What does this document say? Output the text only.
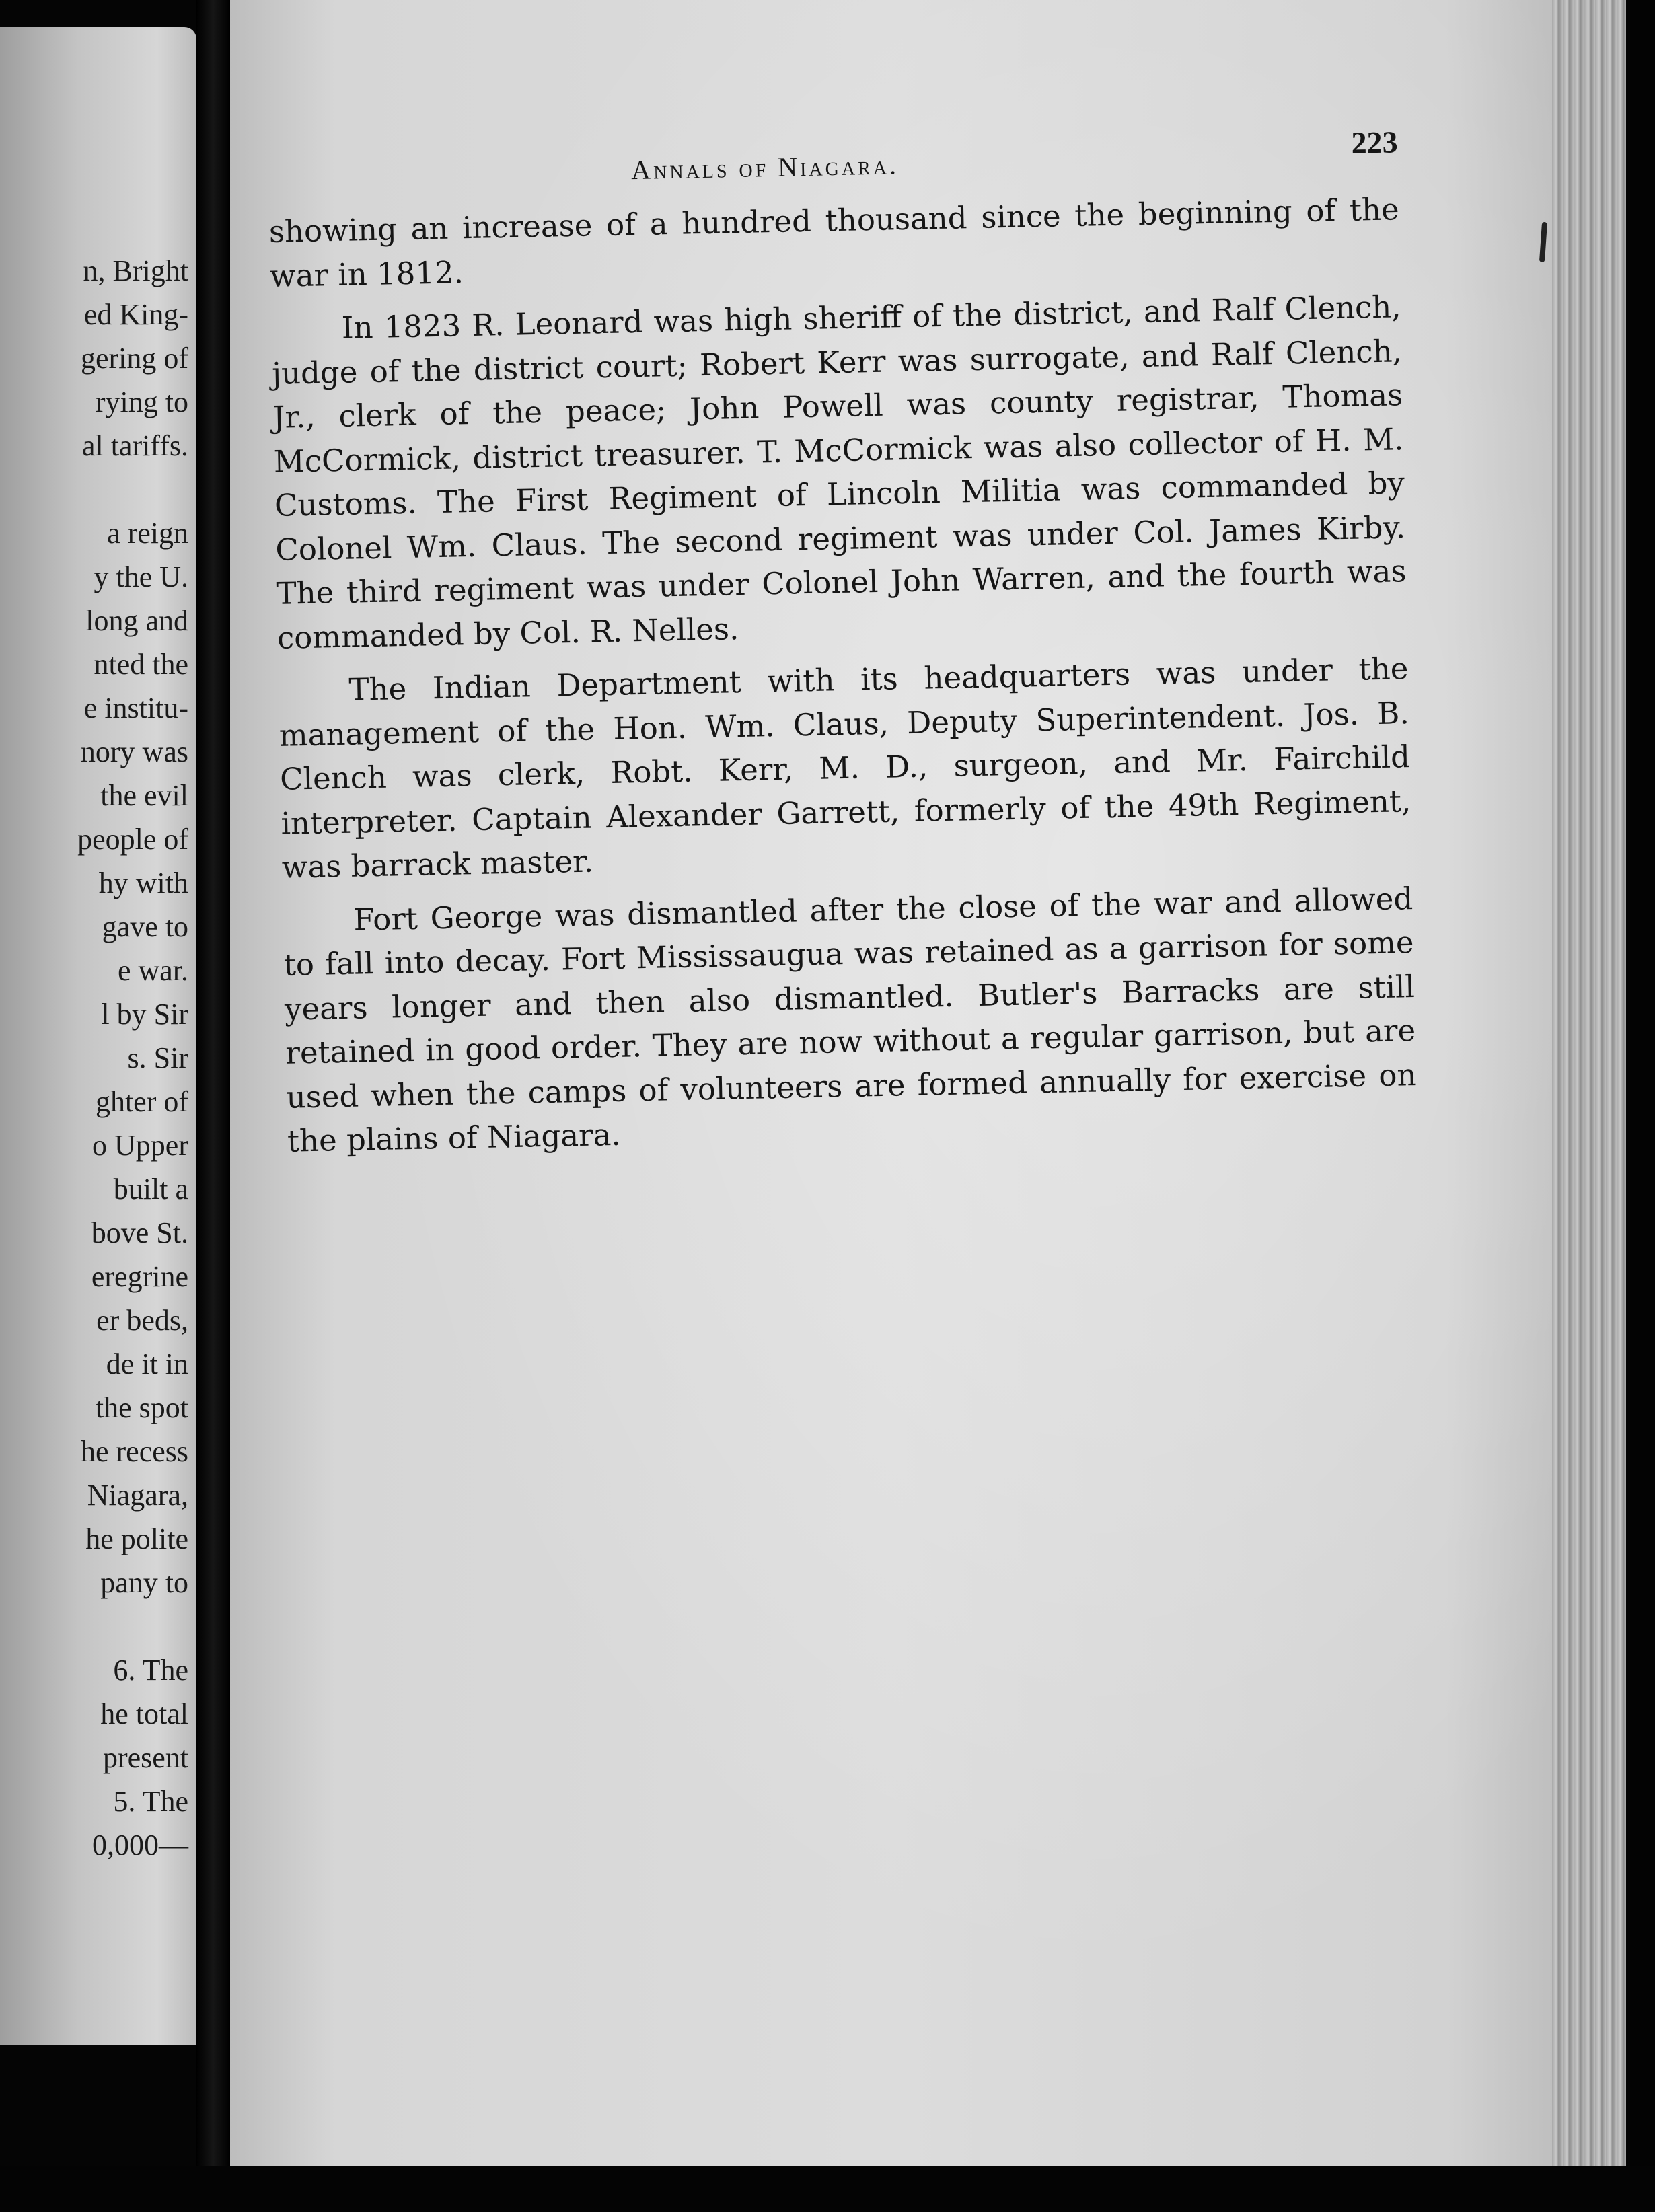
n, Bright
ed King-
gering of
rying to
al tariffs.
a reign
y the U.
long and
nted the
e institu-
nory was
the evil
people of
hy with
gave to
e war.
l by Sir
s. Sir
ghter of
o Upper
built a
bove St.
eregrine
er beds,
de it in
the spot
he recess
Niagara,
he polite
pany to
6. The
he total
present
5. The
0,000—
Annals of Niagara.
223

showing an increase of a hundred thousand since the beginning of the war in 1812.

In 1823 R. Leonard was high sheriff of the district, and Ralf Clench, judge of the district court; Robert Kerr was surrogate, and Ralf Clench, Jr., clerk of the peace; John Powell was county registrar, Thomas McCormick, district treasurer. T. McCormick was also collector of H. M. Customs. The First Regiment of Lincoln Militia was commanded by Colonel Wm. Claus. The second regiment was under Col. James Kirby. The third regiment was under Colonel John Warren, and the fourth was commanded by Col. R. Nelles.

The Indian Department with its headquarters was under the management of the Hon. Wm. Claus, Deputy Superintendent. Jos. B. Clench was clerk, Robt. Kerr, M. D., surgeon, and Mr. Fairchild interpreter. Captain Alexander Garrett, formerly of the 49th Regiment, was barrack master.

Fort George was dismantled after the close of the war and allowed to fall into decay. Fort Mississaugua was retained as a garrison for some years longer and then also dismantled. Butler's Barracks are still retained in good order. They are now without a regular garrison, but are used when the camps of volunteers are formed annually for exercise on the plains of Niagara.
